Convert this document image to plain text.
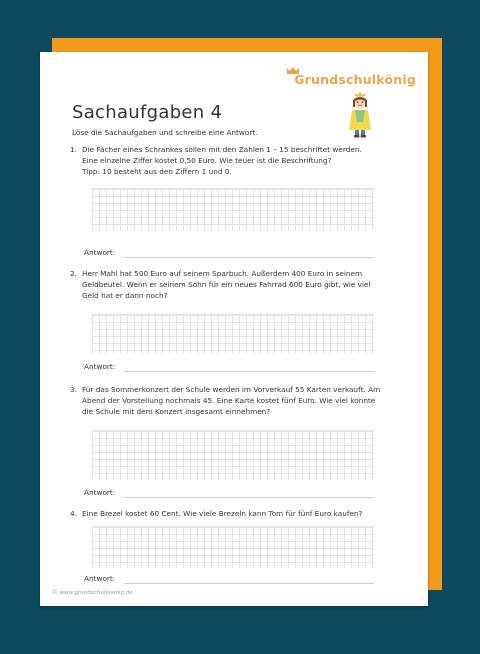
Grundschulkönig
Sachaufgaben 4
Löse die Sachaufgaben und schreibe eine Antwort.
1. Die Fächer eines Schrankes sollen mit den Zahlen 1 – 15 beschriftet werden.
Eine einzelne Ziffer kostet 0,50 Euro. Wie teuer ist die Beschriftung?
Tipp: 10 besteht aus den Ziffern 1 und 0.
Antwort:
2. Herr Mahl hat 500 Euro auf seinem Sparbuch. Außerdem 400 Euro in seinem
Geldbeutel. Wenn er seinem Sohn für ein neues Fahrrad 600 Euro gibt, wie viel
Geld hat er dann noch?
Antwort:
3. Für das Sommerkonzert der Schule werden im Vorverkauf 55 Karten verkauft. Am
Abend der Vorstellung nochmals 45. Eine Karte kostet fünf Euro. Wie viel konnte
die Schule mit dem Konzert insgesamt einnehmen?
Antwort:
4. Eine Brezel kostet 60 Cent. Wie viele Brezeln kann Tom für fünf Euro kaufen?
Antwort:
© www.grundschulkoenig.de
